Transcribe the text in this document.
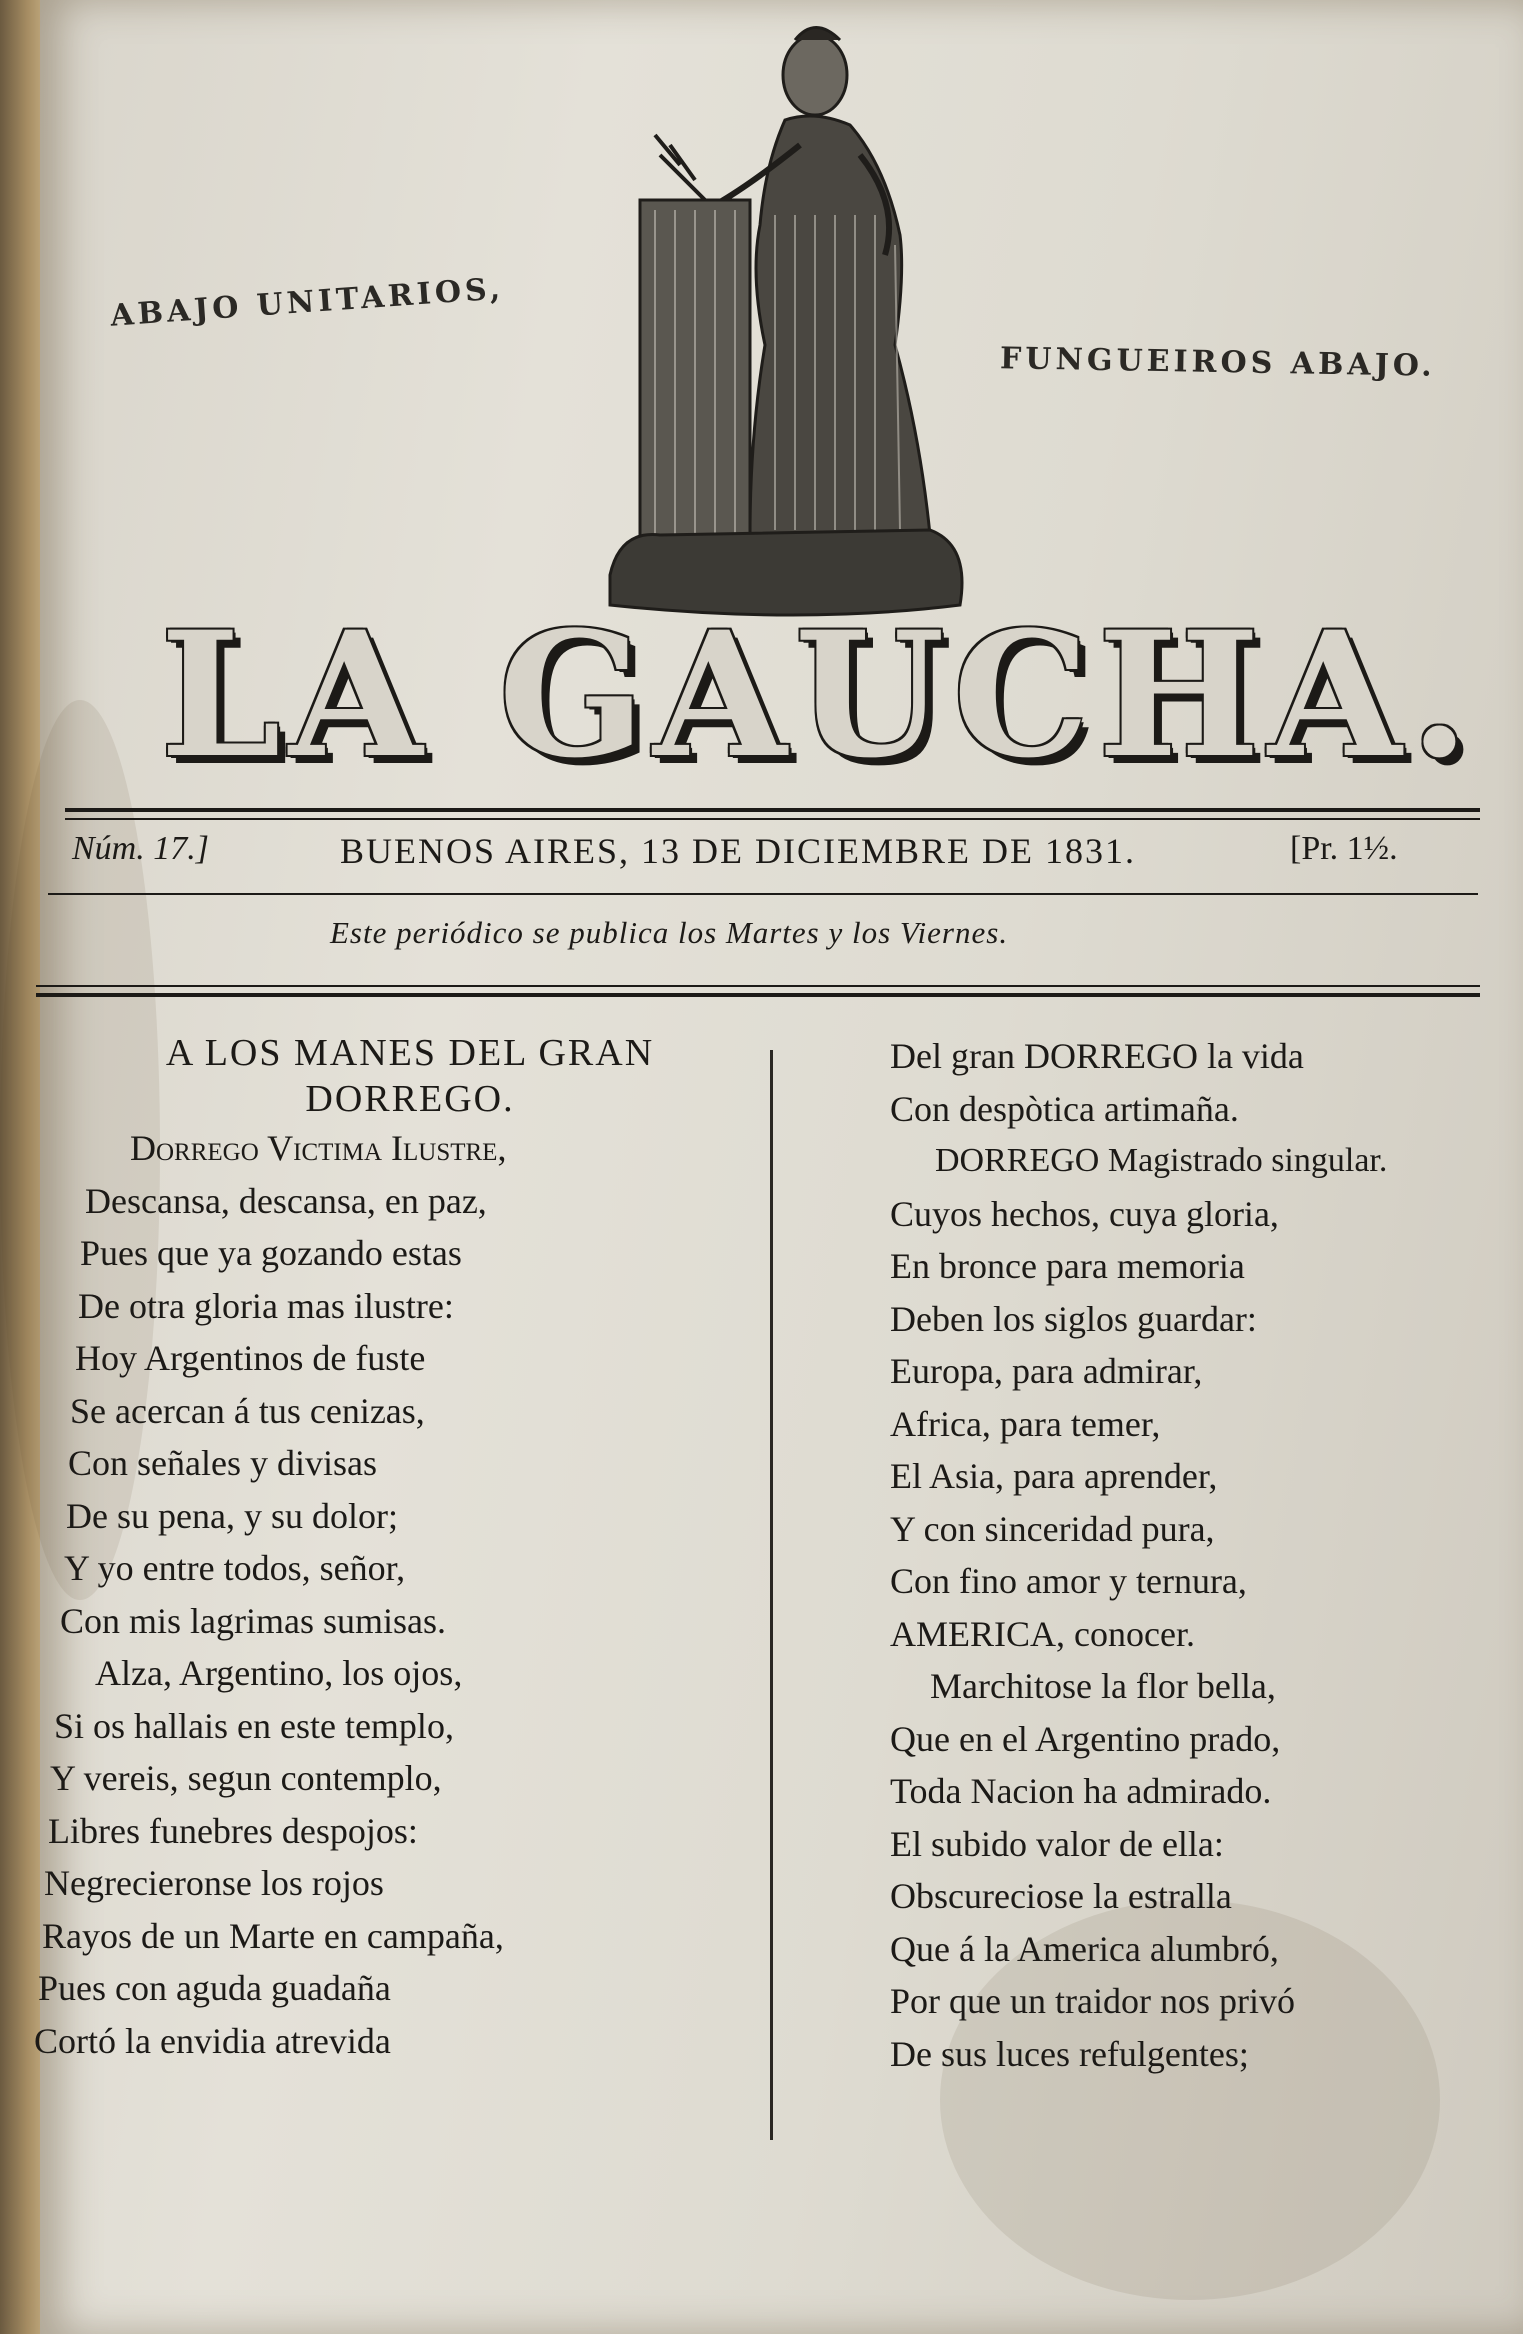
ABAJO UNITARIOS,
FUNGUEIROS ABAJO.
LA GAUCHA.
Núm. 17.]	BUENOS AIRES, 13 DE DICIEMBRE DE 1831.	[Pr. 1½.
Este periódico se publica los Martes y los Viernes.
A LOS MANES DEL GRAN
DORREGO.
Dorrego Victima Ilustre,
Descansa, descansa, en paz,
Pues que ya gozando estas
De otra gloria mas ilustre:
Hoy Argentinos de fuste
Se acercan á tus cenizas,
Con señales y divisas
De su pena, y su dolor;
Y yo entre todos, señor,
Con mis lagrimas sumisas.
Alza, Argentino, los ojos,
Si os hallais en este templo,
Y vereis, segun contemplo,
Libres funebres despojos:
Negrecieronse los rojos
Rayos de un Marte en campaña,
Pues con aguda guadaña
Cortó la envidia atrevida
Del gran DORREGO la vida
Con despòtica artimaña.
DORREGO Magistrado singular.
Cuyos hechos, cuya gloria,
En bronce para memoria
Deben los siglos guardar:
Europa, para admirar,
Africa, para temer,
El Asia, para aprender,
Y con sinceridad pura,
Con fino amor y ternura,
AMERICA, conocer.
Marchitose la flor bella,
Que en el Argentino prado,
Toda Nacion ha admirado.
El subido valor de ella:
Obscureciose la estralla
Que á la America alumbró,
Por que un traidor nos privó
De sus luces refulgentes;
